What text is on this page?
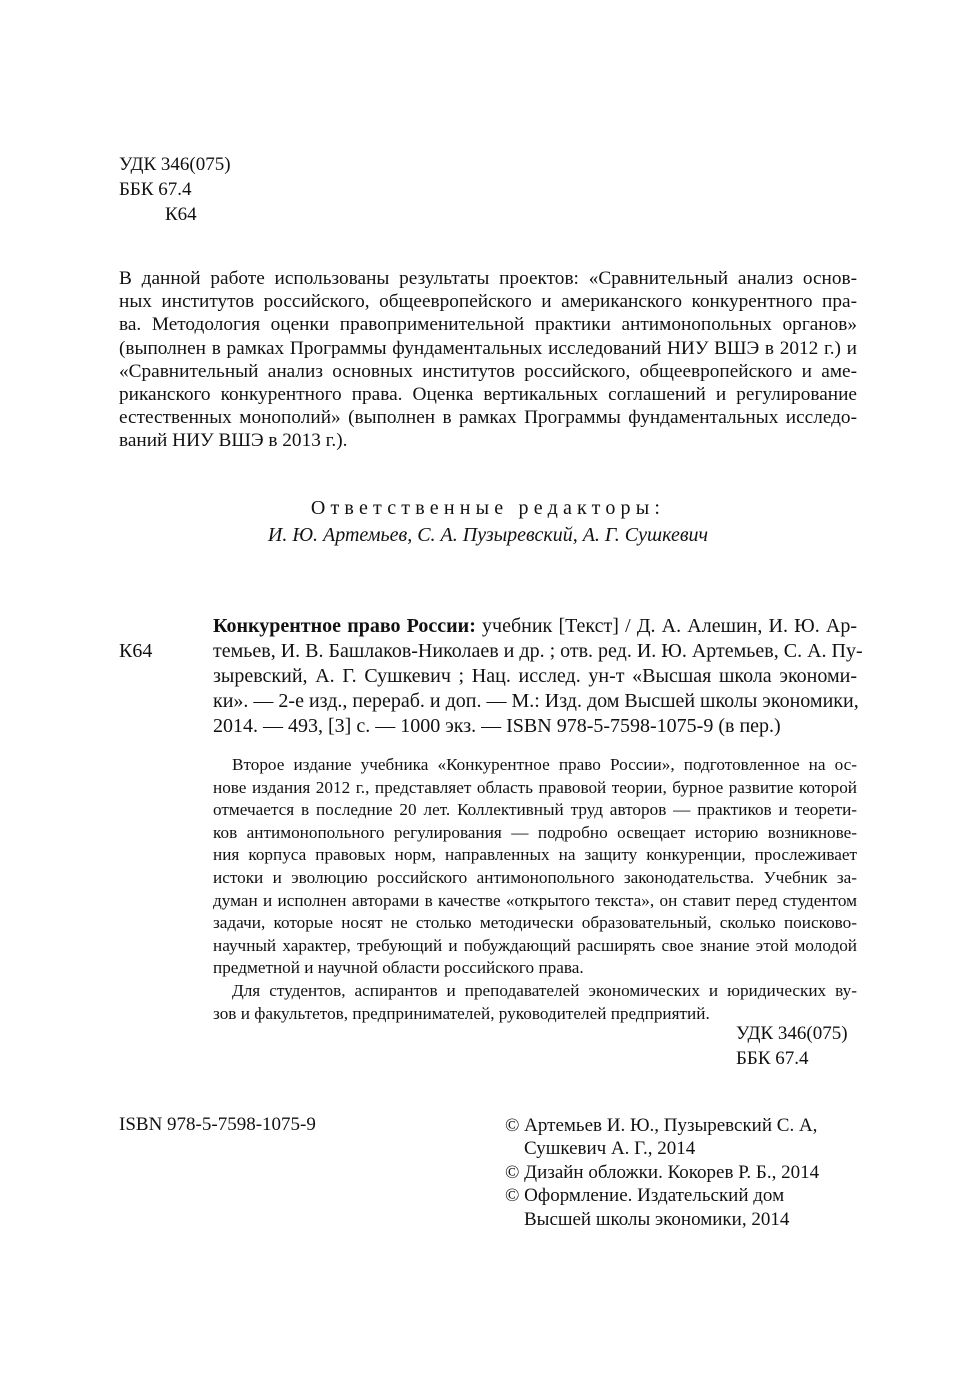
УДК 346(075)
ББК 67.4
К64
В данной работе использованы результаты проектов: «Сравнительный анализ основ-
ных институтов российского, общеевропейского и американского конкурентного пра-
ва. Методология оценки правоприменительной практики антимонопольных органов»
(выполнен в рамках Программы фундаментальных исследований НИУ ВШЭ в 2012 г.) и
«Сравнительный анализ основных институтов российского, общеевропейского и аме-
риканского конкурентного права. Оценка вертикальных соглашений и регулирование
естественных монополий» (выполнен в рамках Программы фундаментальных исследо-
ваний НИУ ВШЭ в 2013 г.).
Ответственные редакторы:
И. Ю. Артемьев, С. А. Пузыревский, А. Г. Сушкевич
К64
Конкурентное право России: учебник [Текст] / Д. А. Алешин, И. Ю. Ар-
темьев, И. В. Башлаков-Николаев и др. ; отв. ред. И. Ю. Артемьев, С. А. Пу-
зыревский, А. Г. Сушкевич ; Нац. исслед. ун-т «Высшая школа экономи-
ки». — 2-е изд., перераб. и доп. — М.: Изд. дом Высшей школы экономики,
2014. — 493, [3] с. — 1000 экз. — ISBN 978-5-7598-1075-9 (в пер.)
Второе издание учебника «Конкурентное право России», подготовленное на ос-
нове издания 2012 г., представляет область правовой теории, бурное развитие которой
отмечается в последние 20 лет. Коллективный труд авторов — практиков и теорети-
ков антимонопольного регулирования — подробно освещает историю возникнове-
ния корпуса правовых норм, направленных на защиту конкуренции, прослеживает
истоки и эволюцию российского антимонопольного законодательства. Учебник за-
думан и исполнен авторами в качестве «открытого текста», он ставит перед студентом
задачи, которые носят не столько методически образовательный, сколько поисково-
научный характер, требующий и побуждающий расширять свое знание этой молодой
предметной и научной области российского права.
Для студентов, аспирантов и преподавателей экономических и юридических ву-
зов и факультетов, предпринимателей, руководителей предприятий.
УДК 346(075)
ББК 67.4
ISBN 978-5-7598-1075-9	© Артемьев И. Ю., Пузыревский С. А,
Сушкевич А. Г., 2014
© Дизайн обложки. Кокорев Р. Б., 2014
© Оформление. Издательский дом
Высшей школы экономики, 2014
